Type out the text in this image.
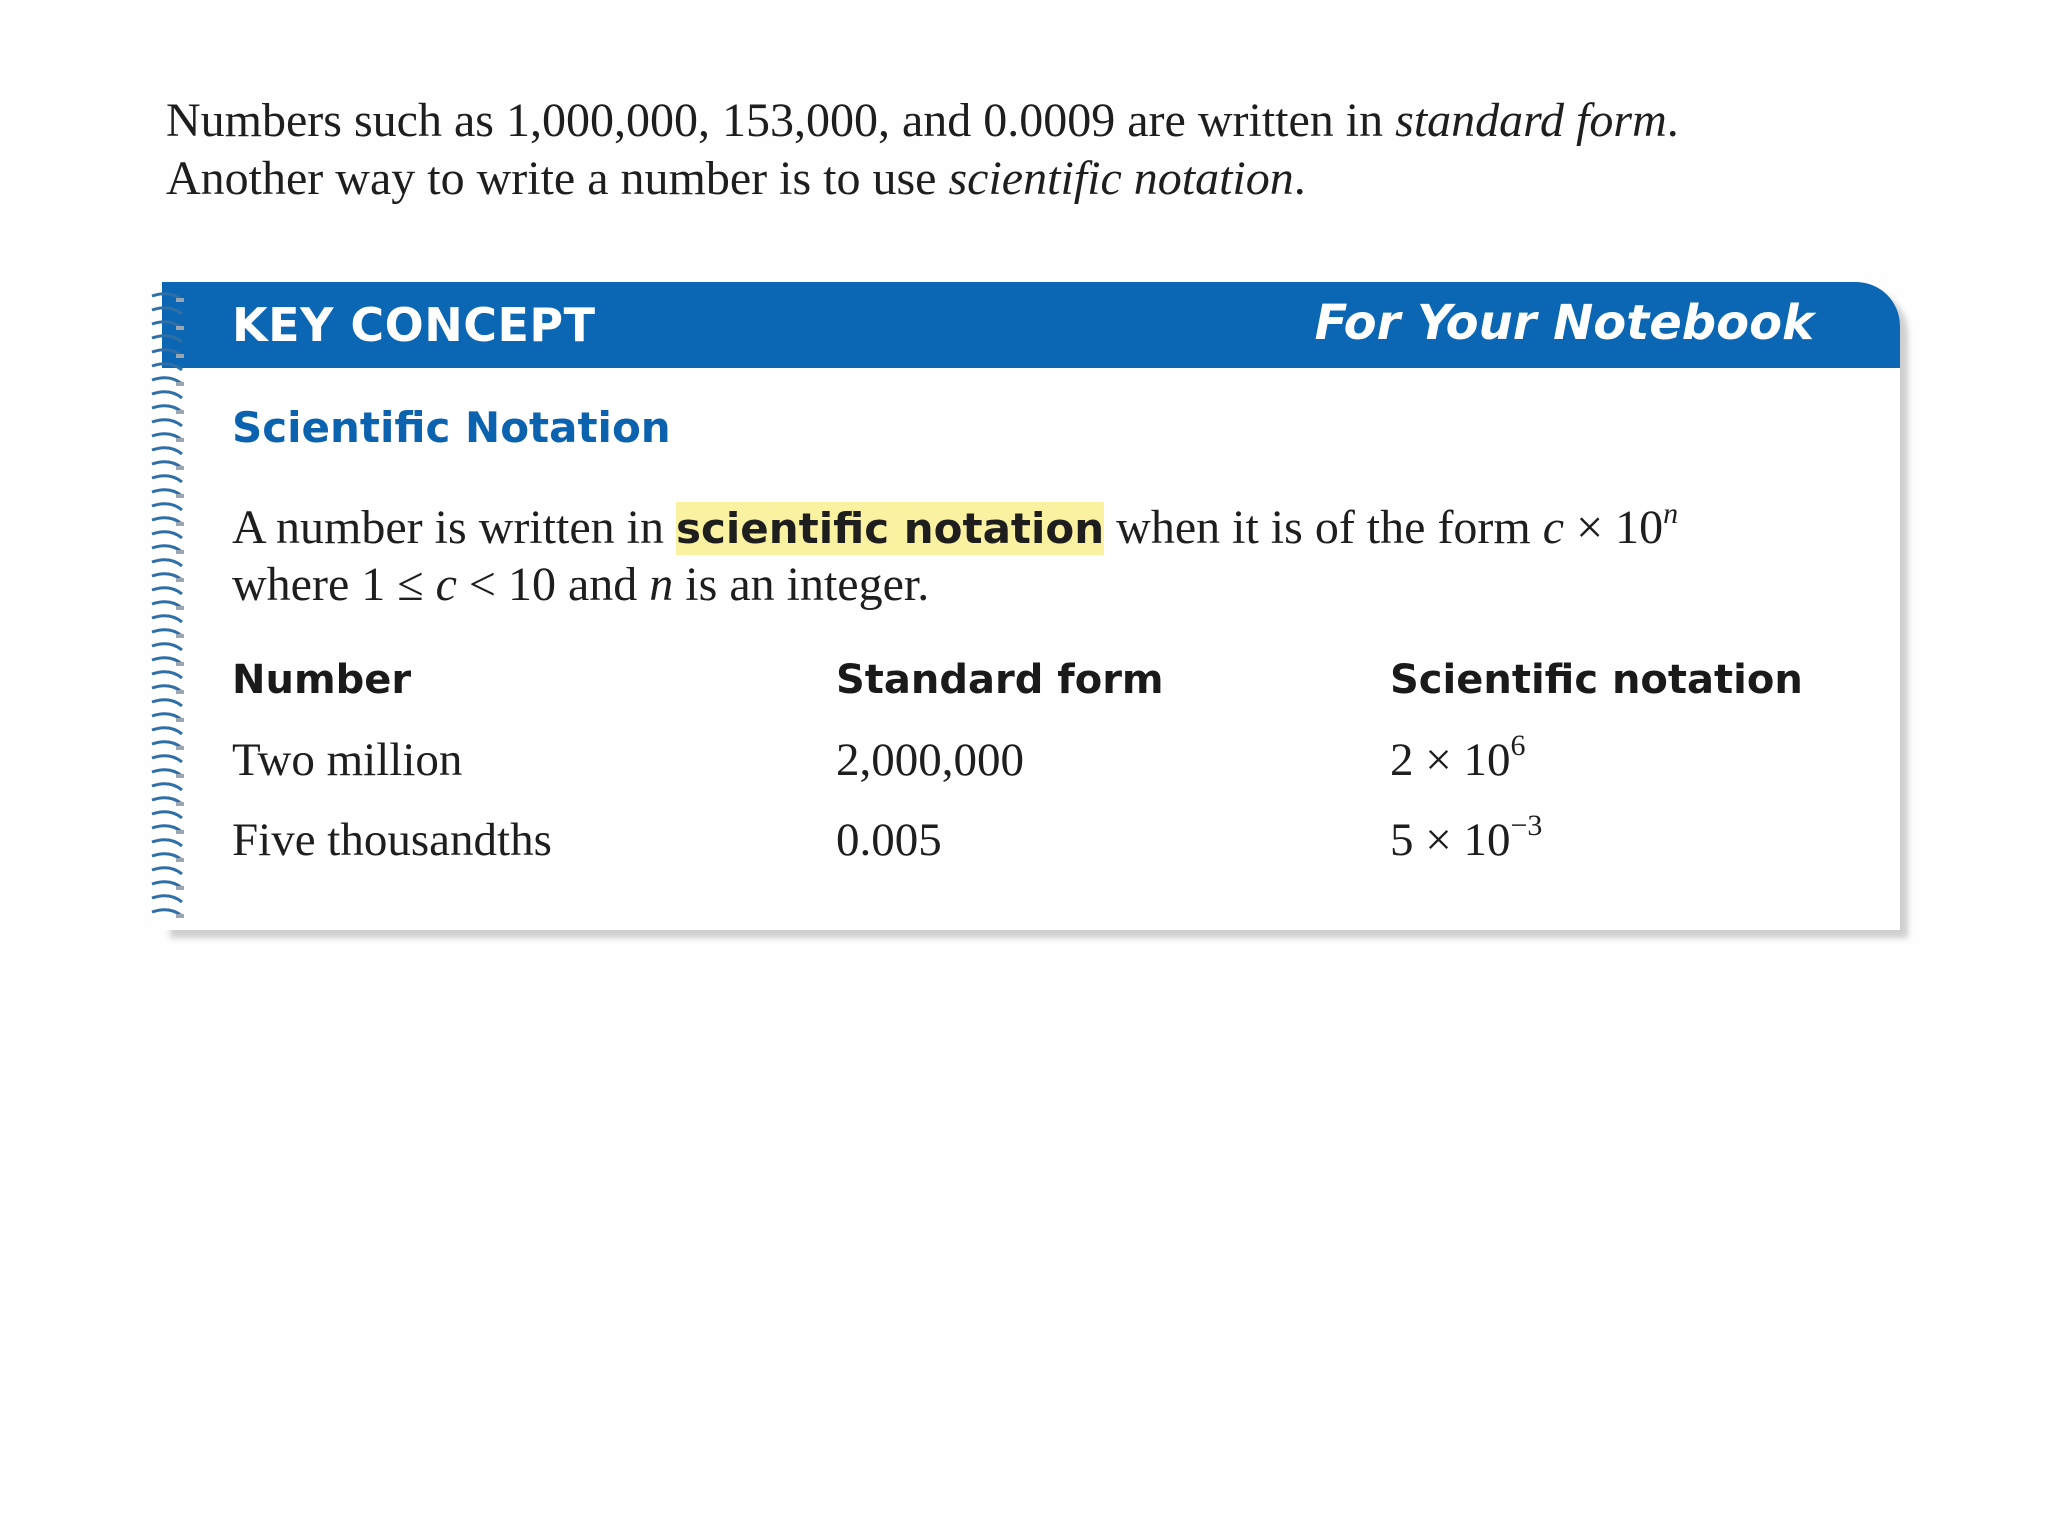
Numbers such as 1,000,000, 153,000, and 0.0009 are written in standard form.
Another way to write a number is to use scientific notation.
KEY CONCEPT	For Your Notebook
Scientific Notation
A number is written in scientific notation when it is of the form $c \times 10^n$
where 1 ≤ c < 10 and n is an integer.
Number	Standard form	Scientific notation
Two million	2,000,000	$2 \times 10^6$
Five thousandths	0.005	$5 \times 10^{-3}$
